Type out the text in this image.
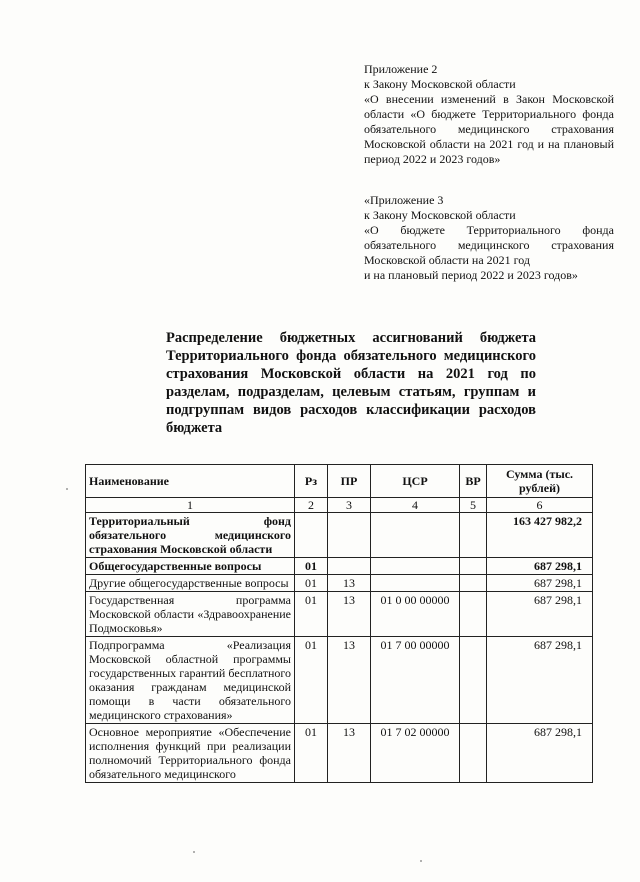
Приложение 2
к Закону Московской области
«О внесении изменений в Закон Московской области «О бюджете Территориального фонда обязательного медицинского страхования Московской области на 2021 год и на плановый период 2022 и 2023 годов»
«Приложение 3
к Закону Московской области
«О бюджете Территориального фонда обязательного медицинского страхования Московской области на 2021 год
и на плановый период 2022 и 2023 годов»
Распределение бюджетных ассигнований бюджета Территориального фонда обязательного медицинского страхования Московской области на 2021 год по разделам, подразделам, целевым статьям, группам и подгруппам видов расходов классификации расходов бюджета
Наименование	Рз	ПР	ЦСР	ВР	Сумма (тыс. рублей)
1	2	3	4	5	6
Территориальный фонд обязательного медицинского страхования Московской области					163 427 982,2
Общегосударственные вопросы	01				687 298,1
Другие общегосударственные вопросы	01	13			687 298,1
Государственная программа Московской области «Здравоохранение Подмосковья»	01	13	01 0 00 00000		687 298,1
Подпрограмма «Реализация Московской областной программы государственных гарантий бесплатного оказания гражданам медицинской помощи в части обязательного медицинского страхования»	01	13	01 7 00 00000		687 298,1
Основное мероприятие «Обеспечение исполнения функций при реализации полномочий Территориального фонда обязательного медицинского	01	13	01 7 02 00000		687 298,1
